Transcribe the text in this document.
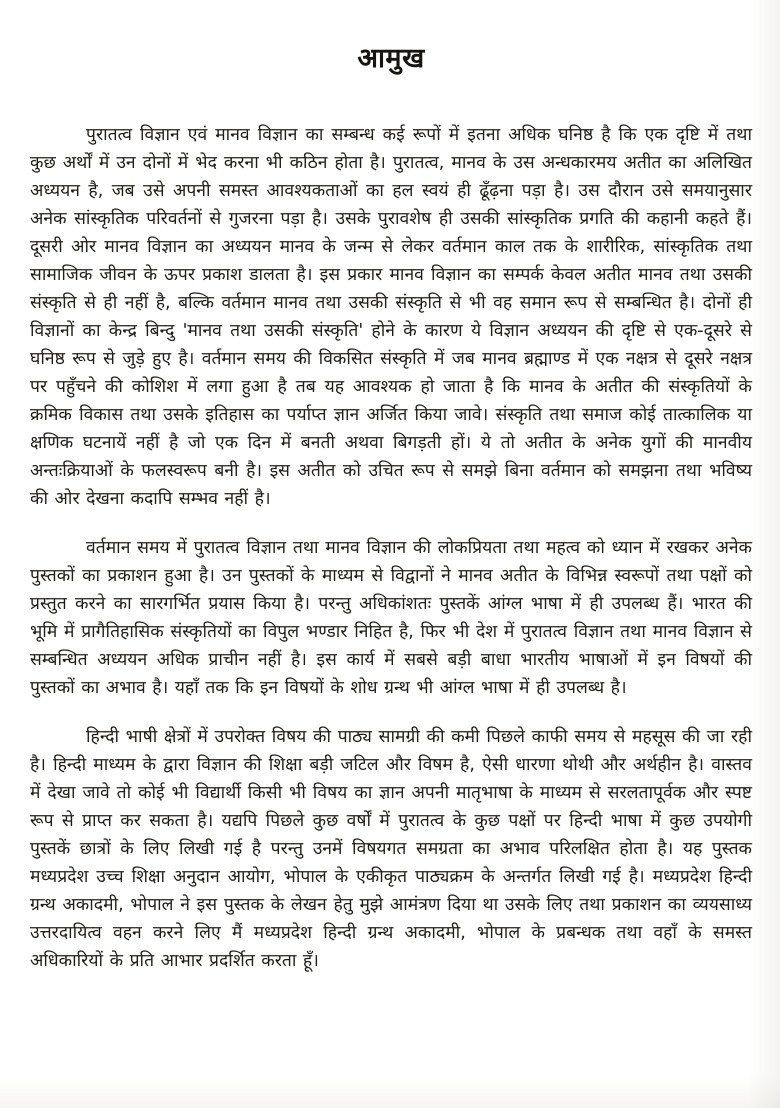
आमुख

पुरातत्व विज्ञान एवं मानव विज्ञान का सम्बन्ध कई रूपों में इतना अधिक घनिष्ठ है कि एक दृष्टि में तथा कुछ अर्थों में उन दोनों में भेद करना भी कठिन होता है। पुरातत्व, मानव के उस अन्धकारमय अतीत का अलिखित अध्ययन है, जब उसे अपनी समस्त आवश्यकताओं का हल स्वयं ही ढूँढ़ना पड़ा है। उस दौरान उसे समयानुसार अनेक सांस्कृतिक परिवर्तनों से गुजरना पड़ा है। उसके पुरावशेष ही उसकी सांस्कृतिक प्रगति की कहानी कहते हैं। दूसरी ओर मानव विज्ञान का अध्ययन मानव के जन्म से लेकर वर्तमान काल तक के शारीरिक, सांस्कृतिक तथा सामाजिक जीवन के ऊपर प्रकाश डालता है। इस प्रकार मानव विज्ञान का सम्पर्क केवल अतीत मानव तथा उसकी संस्कृति से ही नहीं है, बल्कि वर्तमान मानव तथा उसकी संस्कृति से भी वह समान रूप से सम्बन्धित है। दोनों ही विज्ञानों का केन्द्र बिन्दु 'मानव तथा उसकी संस्कृति' होने के कारण ये विज्ञान अध्ययन की दृष्टि से एक-दूसरे से घनिष्ठ रूप से जुड़े हुए है। वर्तमान समय की विकसित संस्कृति में जब मानव ब्रह्माण्ड में एक नक्षत्र से दूसरे नक्षत्र पर पहुँचने की कोशिश में लगा हुआ है तब यह आवश्यक हो जाता है कि मानव के अतीत की संस्कृतियों के क्रमिक विकास तथा उसके इतिहास का पर्याप्त ज्ञान अर्जित किया जावे। संस्कृति तथा समाज कोई तात्कालिक या क्षणिक घटनायें नहीं है जो एक दिन में बनती अथवा बिगड़ती हों। ये तो अतीत के अनेक युगों की मानवीय अन्तःक्रियाओं के फलस्वरूप बनी है। इस अतीत को उचित रूप से समझे बिना वर्तमान को समझना तथा भविष्य की ओर देखना कदापि सम्भव नहीं है।

वर्तमान समय में पुरातत्व विज्ञान तथा मानव विज्ञान की लोकप्रियता तथा महत्व को ध्यान में रखकर अनेक पुस्तकों का प्रकाशन हुआ है। उन पुस्तकों के माध्यम से विद्वानों ने मानव अतीत के विभिन्न स्वरूपों तथा पक्षों को प्रस्तुत करने का सारगर्भित प्रयास किया है। परन्तु अधिकांशतः पुस्तकें आंग्ल भाषा में ही उपलब्ध हैं। भारत की भूमि में प्रागैतिहासिक संस्कृतियों का विपुल भण्डार निहित है, फिर भी देश में पुरातत्व विज्ञान तथा मानव विज्ञान से सम्बन्धित अध्ययन अधिक प्राचीन नहीं है। इस कार्य में सबसे बड़ी बाधा भारतीय भाषाओं में इन विषयों की पुस्तकों का अभाव है। यहाँ तक कि इन विषयों के शोध ग्रन्थ भी आंग्ल भाषा में ही उपलब्ध है।

हिन्दी भाषी क्षेत्रों में उपरोक्त विषय की पाठ्य सामग्री की कमी पिछले काफी समय से महसूस की जा रही है। हिन्दी माध्यम के द्वारा विज्ञान की शिक्षा बड़ी जटिल और विषम है, ऐसी धारणा थोथी और अर्थहीन है। वास्तव में देखा जावे तो कोई भी विद्यार्थी किसी भी विषय का ज्ञान अपनी मातृभाषा के माध्यम से सरलतापूर्वक और स्पष्ट रूप से प्राप्त कर सकता है। यद्यपि पिछले कुछ वर्षों में पुरातत्व के कुछ पक्षों पर हिन्दी भाषा में कुछ उपयोगी पुस्तकें छात्रों के लिए लिखी गई है परन्तु उनमें विषयगत समग्रता का अभाव परिलक्षित होता है। यह पुस्तक मध्यप्रदेश उच्च शिक्षा अनुदान आयोग, भोपाल के एकीकृत पाठ्यक्रम के अन्तर्गत लिखी गई है। मध्यप्रदेश हिन्दी ग्रन्थ अकादमी, भोपाल ने इस पुस्तक के लेखन हेतु मुझे आमंत्रण दिया था उसके लिए तथा प्रकाशन का व्ययसाध्य उत्तरदायित्व वहन करने लिए मैं मध्यप्रदेश हिन्दी ग्रन्थ अकादमी, भोपाल के प्रबन्धक तथा वहाँ के समस्त अधिकारियों के प्रति आभार प्रदर्शित करता हूँ।
